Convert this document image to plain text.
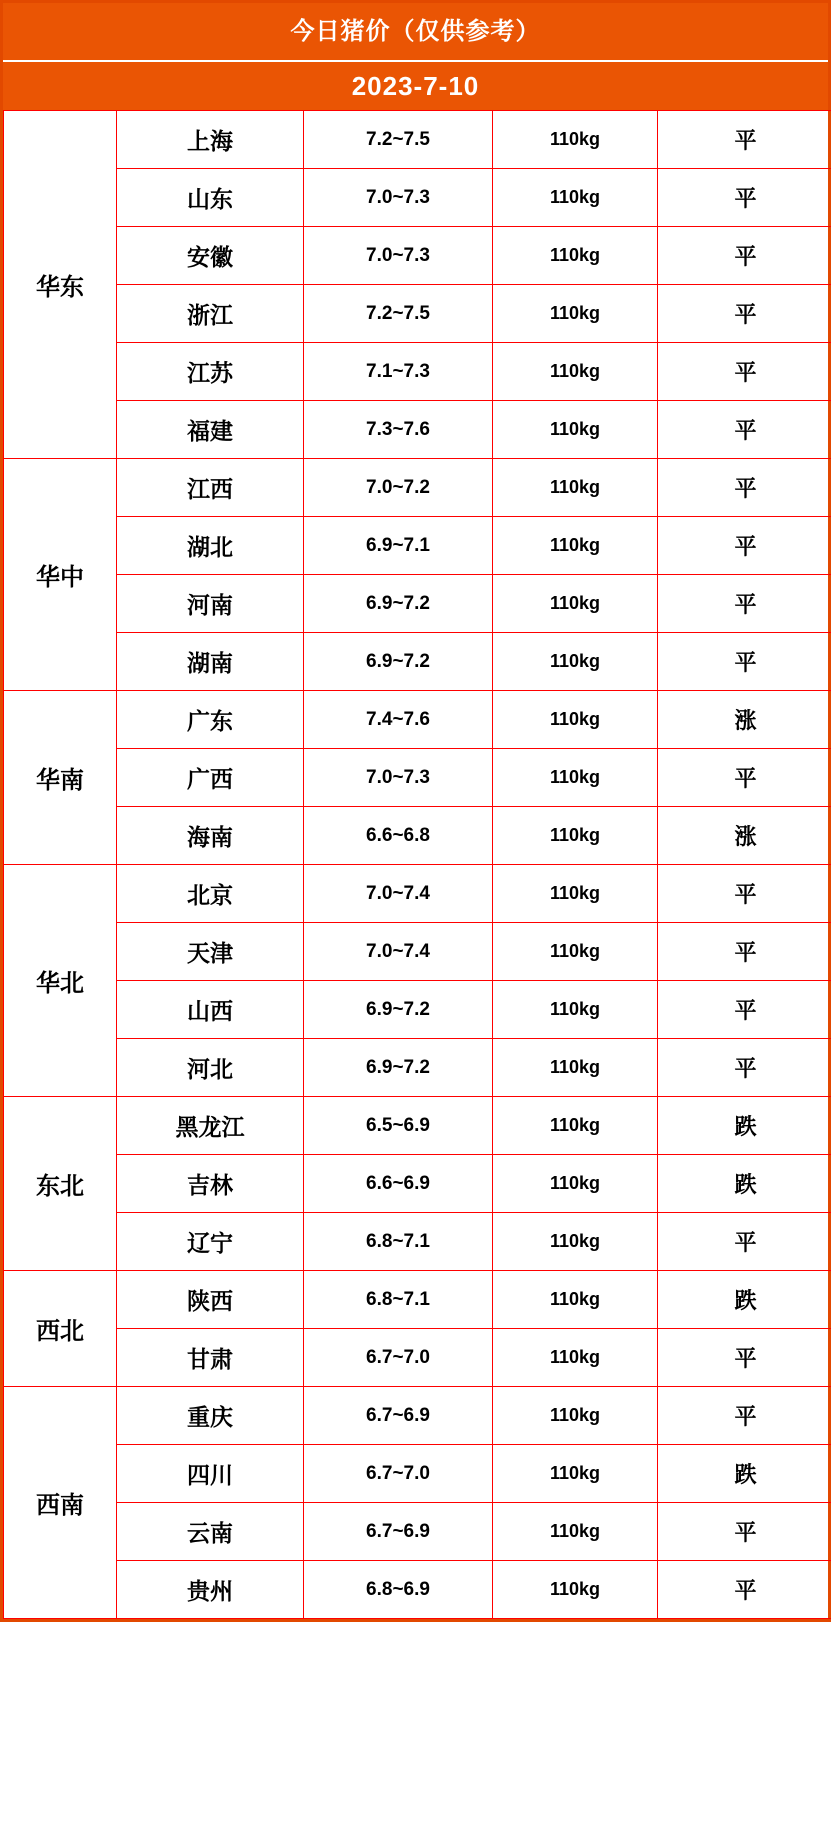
今日猪价（仅供参考）
2023-7-10
华东	上海	7.2~7.5	110kg	平
	山东	7.0~7.3	110kg	平
	安徽	7.0~7.3	110kg	平
	浙江	7.2~7.5	110kg	平
	江苏	7.1~7.3	110kg	平
	福建	7.3~7.6	110kg	平
华中	江西	7.0~7.2	110kg	平
	湖北	6.9~7.1	110kg	平
	河南	6.9~7.2	110kg	平
	湖南	6.9~7.2	110kg	平
华南	广东	7.4~7.6	110kg	涨
	广西	7.0~7.3	110kg	平
	海南	6.6~6.8	110kg	涨
华北	北京	7.0~7.4	110kg	平
	天津	7.0~7.4	110kg	平
	山西	6.9~7.2	110kg	平
	河北	6.9~7.2	110kg	平
东北	黑龙江	6.5~6.9	110kg	跌
	吉林	6.6~6.9	110kg	跌
	辽宁	6.8~7.1	110kg	平
西北	陕西	6.8~7.1	110kg	跌
	甘肃	6.7~7.0	110kg	平
西南	重庆	6.7~6.9	110kg	平
	四川	6.7~7.0	110kg	跌
	云南	6.7~6.9	110kg	平
	贵州	6.8~6.9	110kg	平
